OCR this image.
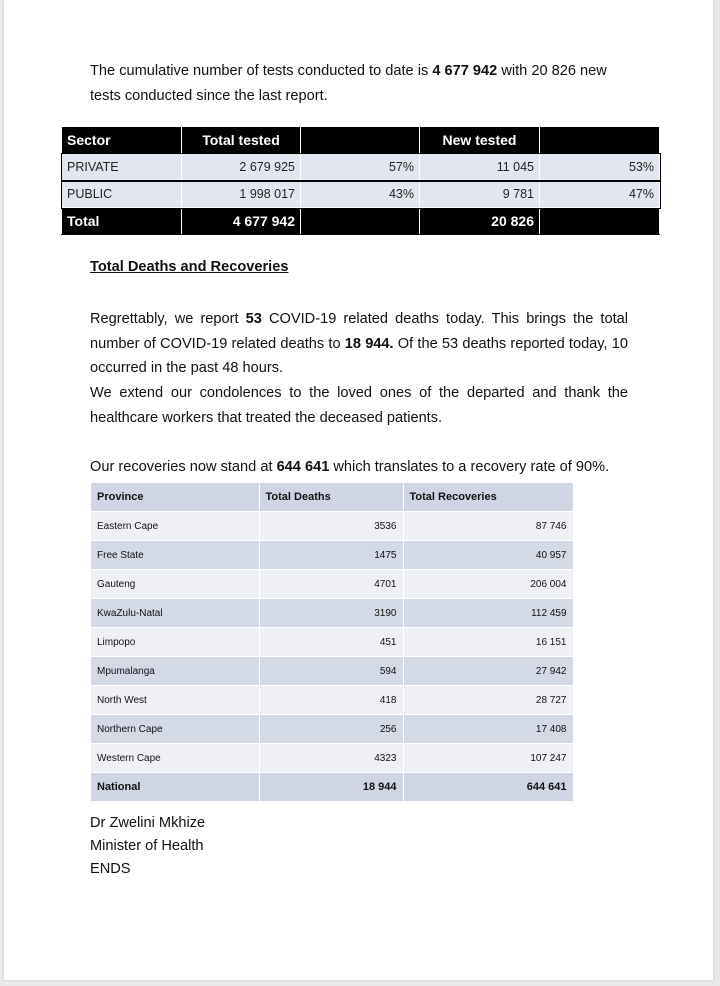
The cumulative number of tests conducted to date is 4 677 942 with 20 826 new tests conducted since the last report.
Sector	Total tested		New tested	
PRIVATE	2 679 925	57%	11 045	53%
PUBLIC	1 998 017	43%	9 781	47%
Total	4 677 942		20 826	
Total Deaths and Recoveries
Regrettably, we report 53 COVID-19 related deaths today. This brings the total number of COVID-19 related deaths to 18 944. Of the 53 deaths reported today, 10 occurred in the past 48 hours.
We extend our condolences to the loved ones of the departed and thank the healthcare workers that treated the deceased patients.
Our recoveries now stand at 644 641 which translates to a recovery rate of 90%.
Province	Total Deaths	Total Recoveries
Eastern Cape	3536	87 746
Free State	1475	40 957
Gauteng	4701	206 004
KwaZulu-Natal	3190	112 459
Limpopo	451	16 151
Mpumalanga	594	27 942
North West	418	28 727
Northern Cape	256	17 408
Western Cape	4323	107 247
National	18 944	644 641
Dr Zwelini Mkhize
Minister of Health
ENDS
